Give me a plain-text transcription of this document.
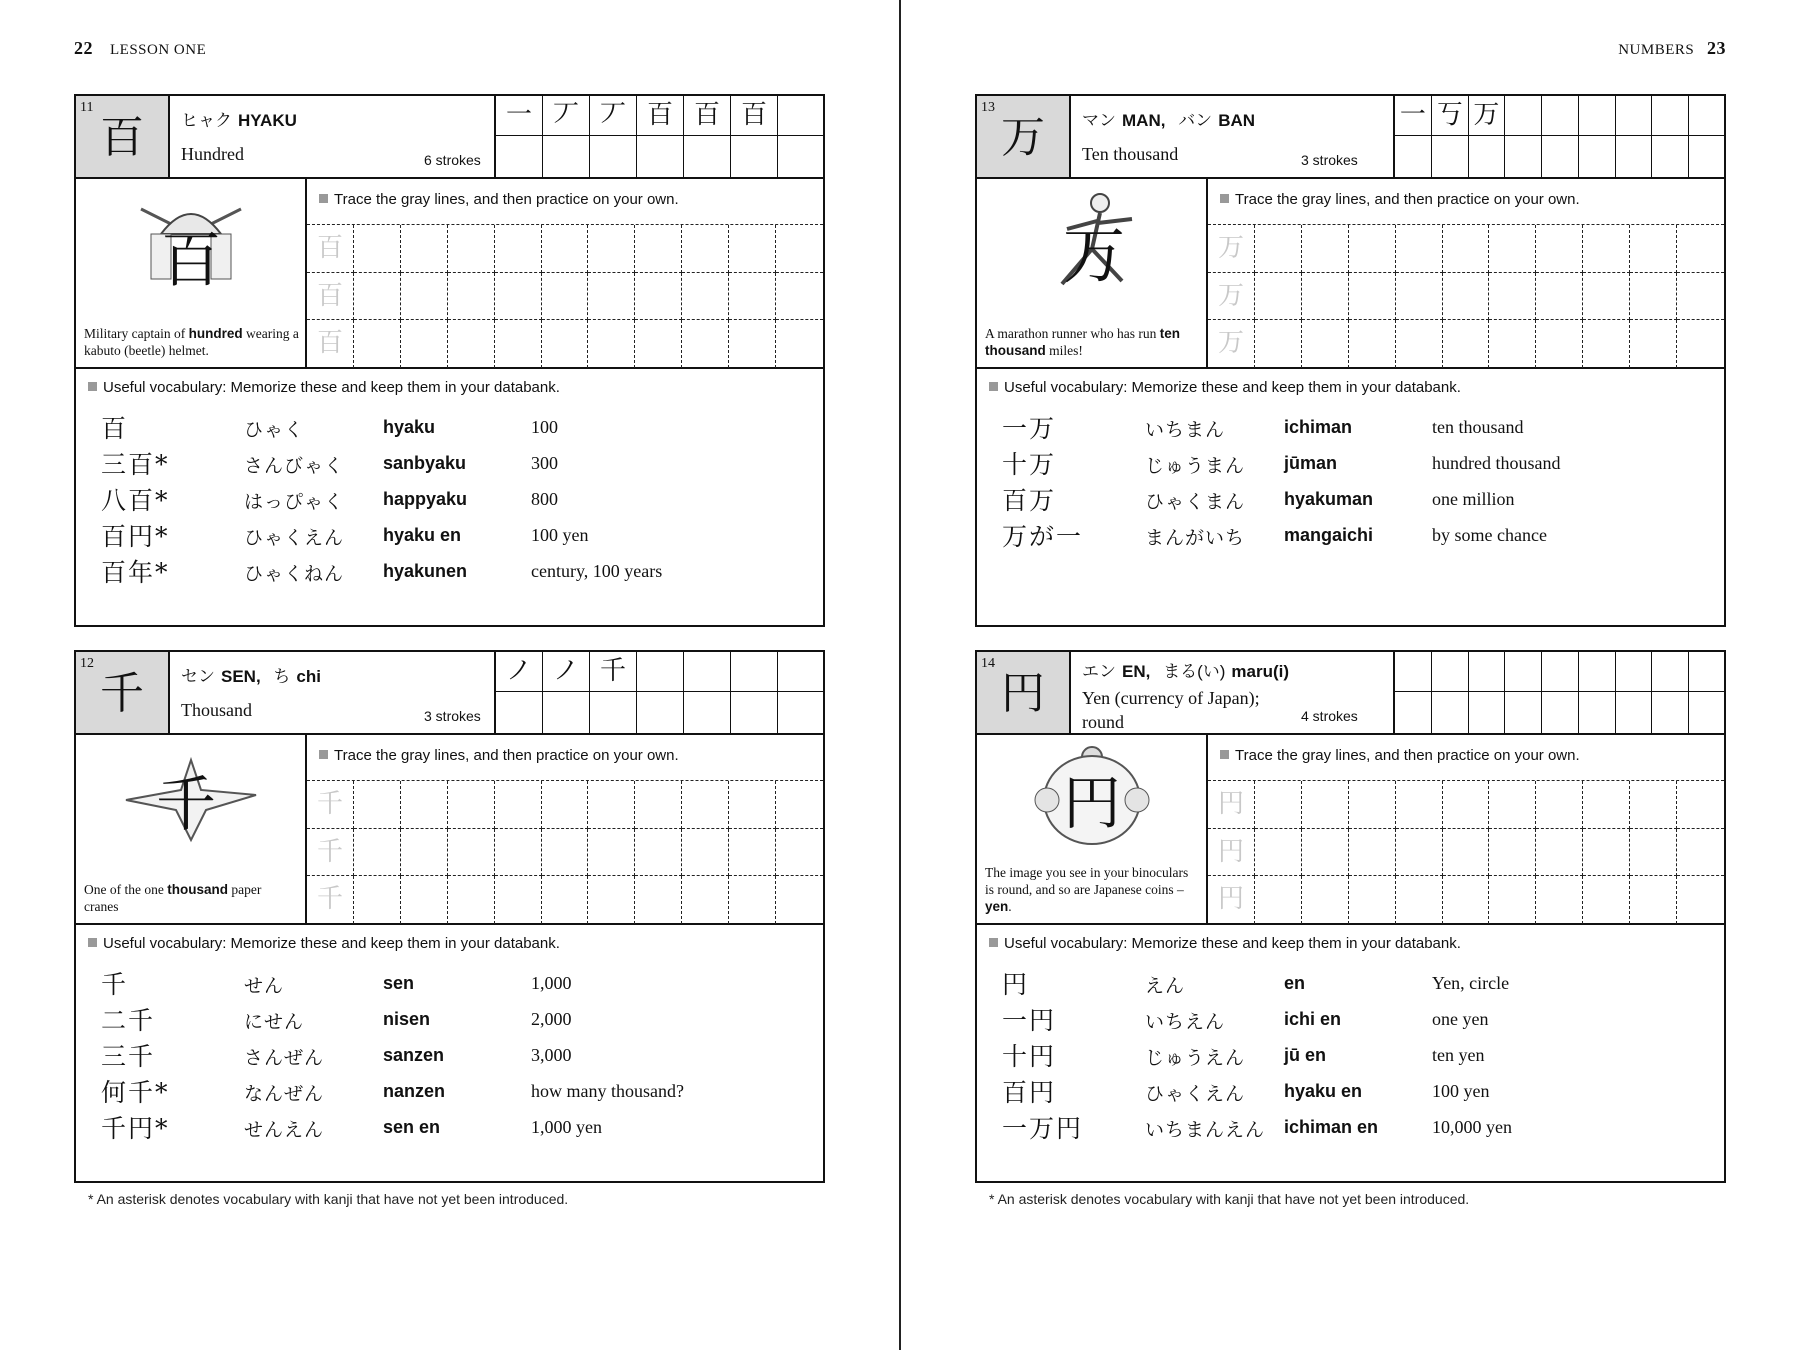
22 LESSON ONE
11
百	ヒャク HYAKU
Hundred	6 strokes
一 丆 丆 百 百 百
百
Military captain of hundred wearing a kabuto (beetle) helmet.
Trace the gray lines, and then practice on your own.
百
百
百
Useful vocabulary: Memorize these and keep them in your databank.
百	ひゃく	hyaku	100
三百*	さんびゃく sanbyaku	300
八百*	はっぴゃく happyaku	800
百円*	ひゃくえん hyaku en	100 yen
百年*	ひゃくねん hyakunen	century, 100 years
12
千	セン SEN, ち chi
Thousand	3 strokes
ノ ノ 千
千
One of the one thousand paper cranes
Trace the gray lines, and then practice on your own.
千
千
千
Useful vocabulary: Memorize these and keep them in your databank.
千	せん	sen	1,000
二千	にせん	nisen	2,000
三千	さんぜん	sanzen	3,000
何千*	なんぜん	nanzen	how many thousand?
千円*	せんえん	sen en	1,000 yen
* An asterisk denotes vocabulary with kanji that have not yet been introduced.
NUMBERS 23
13
万	マン MAN, バン BAN
Ten thousand	3 strokes
一 丂 万
万
A marathon runner who has run ten thousand miles!
Trace the gray lines, and then practice on your own.
万
万
万
Useful vocabulary: Memorize these and keep them in your databank.
一万	いちまん	ichiman	ten thousand
十万	じゅうまん jūman	hundred thousand
百万	ひゃくまん hyakuman	one million
万が一	まんがいち mangaichi	by some chance
14
円	エン EN, まる(い) maru(i)
Yen (currency of Japan);
round	4 strokes
円
The image you see in your binoculars is round, and so are Japanese coins – yen.
Trace the gray lines, and then practice on your own.
円
円
円
Useful vocabulary: Memorize these and keep them in your databank.
円	えん	en	Yen, circle
一円	いちえん	ichi en	one yen
十円	じゅうえん jū en	ten yen
百円	ひゃくえん hyaku en	100 yen
一万円	いちまんえん ichiman en	10,000 yen
* An asterisk denotes vocabulary with kanji that have not yet been introduced.
